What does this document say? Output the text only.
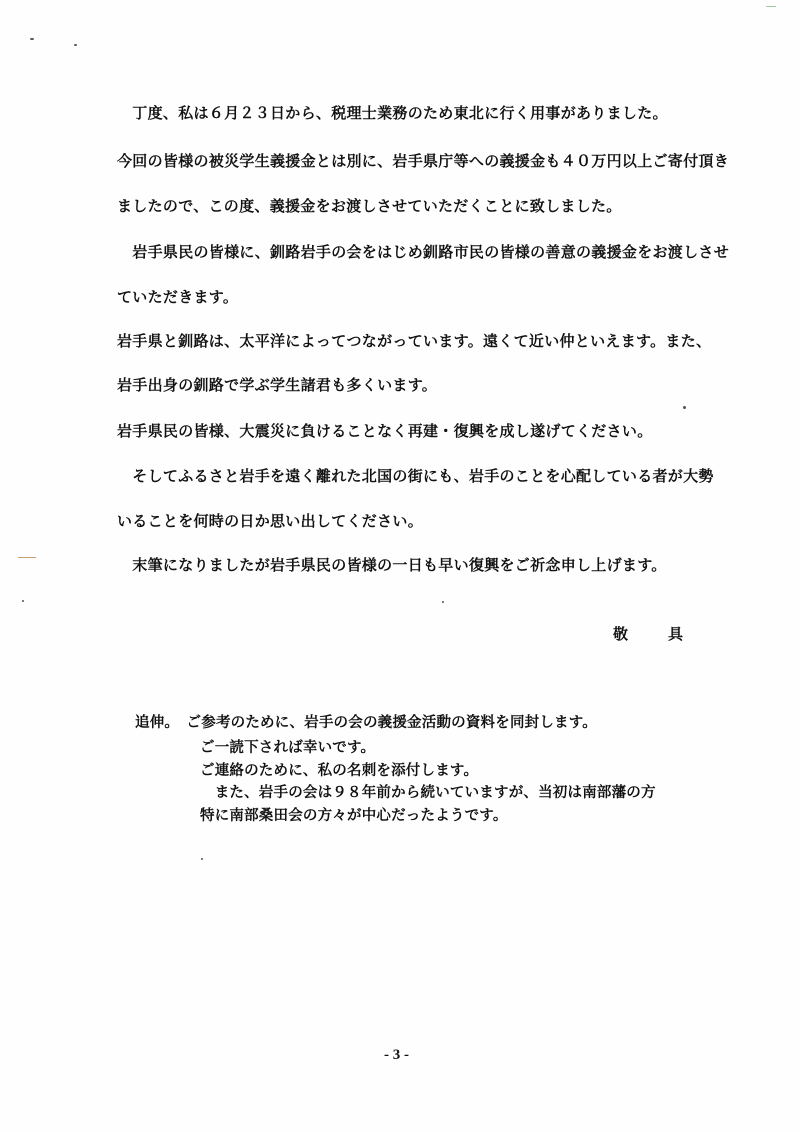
　丁度、私は６月２３日から、税理士業務のため東北に行く用事がありました。
今回の皆様の被災学生義援金とは別に、岩手県庁等への義援金も４０万円以上ご寄付頂き
ましたので、この度、義援金をお渡しさせていただくことに致しました。
　岩手県民の皆様に、釧路岩手の会をはじめ釧路市民の皆様の善意の義援金をお渡しさせ
ていただきます。
岩手県と釧路は、太平洋によってつながっています。遠くて近い仲といえます。また、
岩手出身の釧路で学ぶ学生諸君も多くいます。
岩手県民の皆様、大震災に負けることなく再建・復興を成し遂げてください。
　そしてふるさと岩手を遠く離れた北国の街にも、岩手のことを心配している者が大勢
いることを何時の日か思い出してください。
　末筆になりましたが岩手県民の皆様の一日も早い復興をご祈念申し上げます。
敬具
追伸。　ご参考のために、岩手の会の義援金活動の資料を同封します。
ご一読下されば幸いです。
ご連絡のために、私の名刺を添付します。
　また、岩手の会は９８年前から続いていますが、当初は南部藩の方
特に南部桑田会の方々が中心だったようです。
- 3 -
